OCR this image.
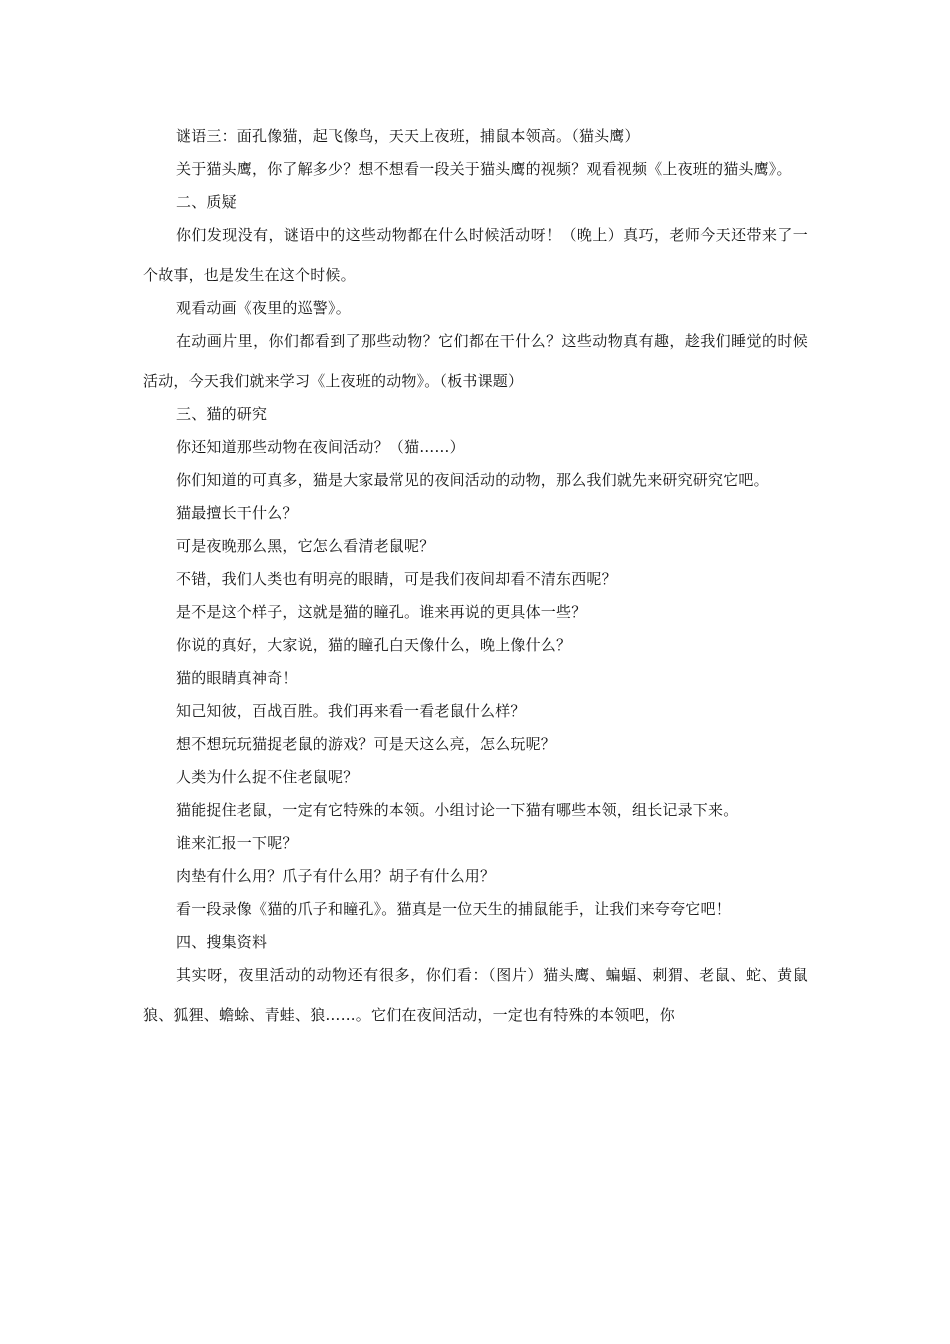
谜语三：面孔像猫，起飞像鸟，天天上夜班，捕鼠本领高。（猫头鹰）

关于猫头鹰，你了解多少？想不想看一段关于猫头鹰的视频？观看视频《上夜班的猫头鹰》。

二、质疑

你们发现没有，谜语中的这些动物都在什么时候活动呀！（晚上）真巧，老师今天还带来了一个故事，也是发生在这个时候。

观看动画《夜里的巡警》。

在动画片里，你们都看到了那些动物？它们都在干什么？这些动物真有趣，趁我们睡觉的时候活动，今天我们就来学习《上夜班的动物》。（板书课题）

三、猫的研究

你还知道那些动物在夜间活动？（猫……）

你们知道的可真多，猫是大家最常见的夜间活动的动物，那么我们就先来研究研究它吧。

猫最擅长干什么？

可是夜晚那么黑，它怎么看清老鼠呢？

不错，我们人类也有明亮的眼睛，可是我们夜间却看不清东西呢？

是不是这个样子，这就是猫的瞳孔。谁来再说的更具体一些？

你说的真好，大家说，猫的瞳孔白天像什么，晚上像什么？

猫的眼睛真神奇！

知己知彼，百战百胜。我们再来看一看老鼠什么样？

想不想玩玩猫捉老鼠的游戏？可是天这么亮，怎么玩呢？

人类为什么捉不住老鼠呢？

猫能捉住老鼠，一定有它特殊的本领。小组讨论一下猫有哪些本领，组长记录下来。

谁来汇报一下呢？

肉垫有什么用？爪子有什么用？胡子有什么用？

看一段录像《猫的爪子和瞳孔》。猫真是一位天生的捕鼠能手，让我们来夸夸它吧！

四、搜集资料

其实呀，夜里活动的动物还有很多，你们看：（图片）猫头鹰、蝙蝠、刺猬、老鼠、蛇、黄鼠狼、狐狸、蟾蜍、青蛙、狼……。它们在夜间活动，一定也有特殊的本领吧，你
